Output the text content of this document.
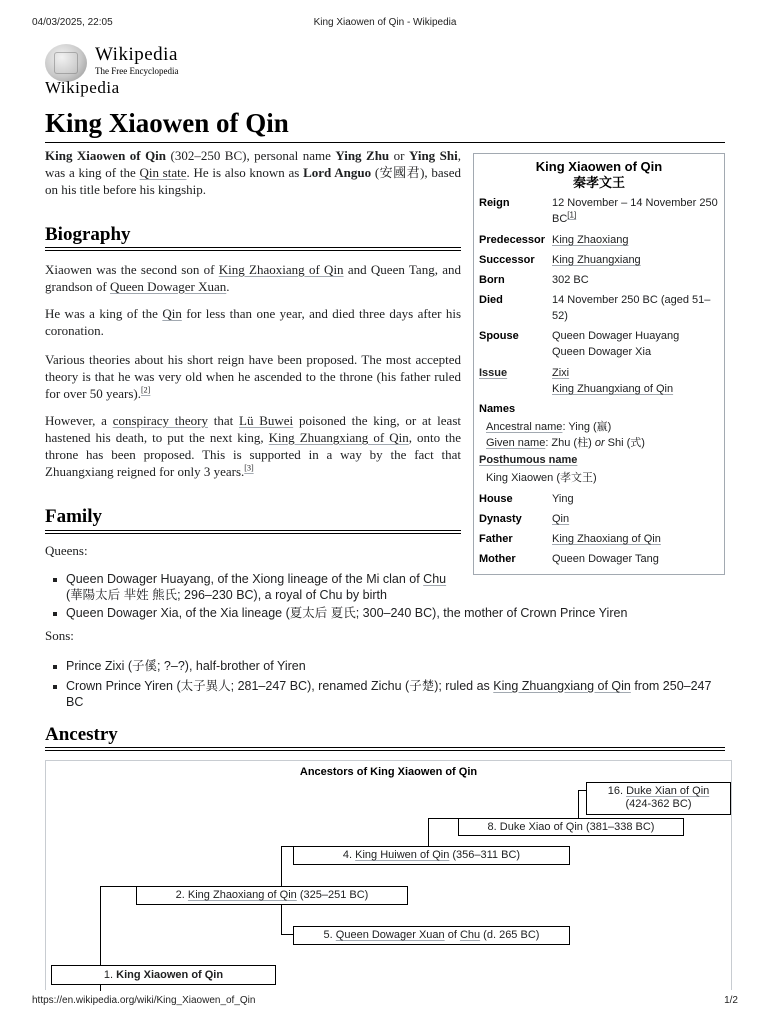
04/03/2025, 22:05	King Xiaowen of Qin - Wikipedia
Wikipedia
The Free Encyclopedia
Wikipedia
King Xiaowen of Qin

King Xiaowen of Qin (302–250 BC), personal name Ying Zhu or Ying Shi, was a king of the Qin state. He is also known as Lord Anguo (安國君), based on his title before his kingship.

Biography

Xiaowen was the second son of King Zhaoxiang of Qin and Queen Tang, and grandson of Queen Dowager Xuan.

He was a king of the Qin for less than one year, and died three days after his coronation.

Various theories about his short reign have been proposed. The most accepted theory is that he was very old when he ascended to the throne (his father ruled for over 50 years).[2]

However, a conspiracy theory that Lü Buwei poisoned the king, or at least hastened his death, to put the next king, King Zhuangxiang of Qin, onto the throne has been proposed. This is supported in a way by the fact that Zhuangxiang reigned for only 3 years.[3]

King Xiaowen of Qin
秦孝文王
Reign	12 November – 14 November 250 BC[1]
Predecessor King Zhaoxiang
Successor King Zhuangxiang
Born	302 BC
Died	14 November 250 BC (aged 51–52)
Spouse	Queen Dowager Huayang
Queen Dowager Xia
Issue	Zixi
King Zhuangxiang of Qin
Names
Ancestral name: Ying (嬴)
Given name: Zhu (柱) or Shi (式)
Posthumous name
King Xiaowen (孝文王)
House	Ying
Dynasty	Qin
Father	King Zhaoxiang of Qin
Mother	Queen Dowager Tang
Family
Queens:
Queen Dowager Huayang, of the Xiong lineage of the Mi clan of Chu (華陽太后 芈姓 熊氏; 296–230 BC), a royal of Chu by birth
Queen Dowager Xia, of the Xia lineage (夏太后 夏氏; 300–240 BC), the mother of Crown Prince Yiren
Sons:
Prince Zixi (子傒; ?–?), half-brother of Yiren
Crown Prince Yiren (太子異人; 281–247 BC), renamed Zichu (子楚); ruled as King Zhuangxiang of Qin from 250–247 BC
Ancestry
Ancestors of King Xiaowen of Qin
16. Duke Xian of Qin
(424-362 BC)
8. Duke Xiao of Qin (381–338 BC)
4. King Huiwen of Qin (356–311 BC)
2. King Zhaoxiang of Qin (325–251 BC)
5. Queen Dowager Xuan of Chu (d. 265 BC)
1. King Xiaowen of Qin
https://en.wikipedia.org/wiki/King_Xiaowen_of_Qin	1/2
